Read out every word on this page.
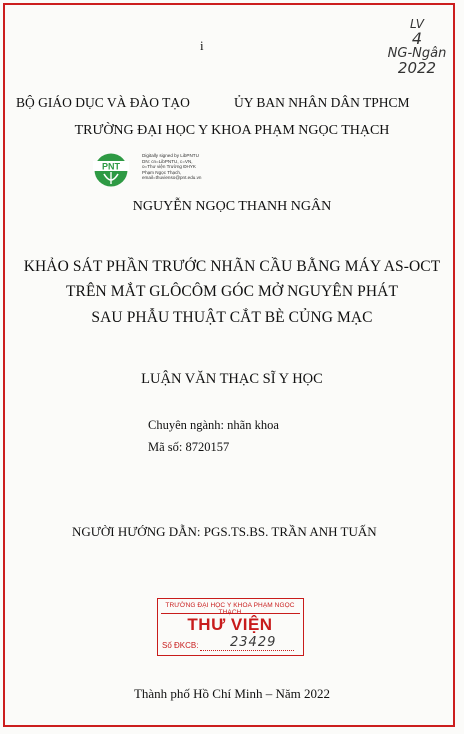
i
LV
4
NG-Ngân
2022
BỘ GIÁO DỤC VÀ ĐÀO TẠO	ỦY BAN NHÂN DÂN TPHCM
TRƯỜNG ĐẠI HỌC Y KHOA PHẠM NGỌC THẠCH
PNT
Digitally signed by LibPNTU
DN: cn=LibPNTU, c=VN,
o=Thư viện Trường ĐHYK
Phạm Ngọc Thạch,
email=thuvienso@pnt.edu.vn
NGUYỄN NGỌC THANH NGÂN
KHẢO SÁT PHẦN TRƯỚC NHÃN CẦU BẰNG MÁY AS-OCT
TRÊN MẮT GLÔCÔM GÓC MỞ NGUYÊN PHÁT
SAU PHẪU THUẬT CẮT BÈ CỦNG MẠC
LUẬN VĂN THẠC SĨ Y HỌC
Chuyên ngành: nhãn khoa
Mã số: 8720157
NGƯỜI HƯỚNG DẪN: PGS.TS.BS. TRẦN ANH TUẤN
TRƯỜNG ĐẠI HỌC Y KHOA PHẠM NGỌC THẠCH
THƯ VIỆN
Số ĐKCB: 23429
Thành phố Hồ Chí Minh – Năm 2022
